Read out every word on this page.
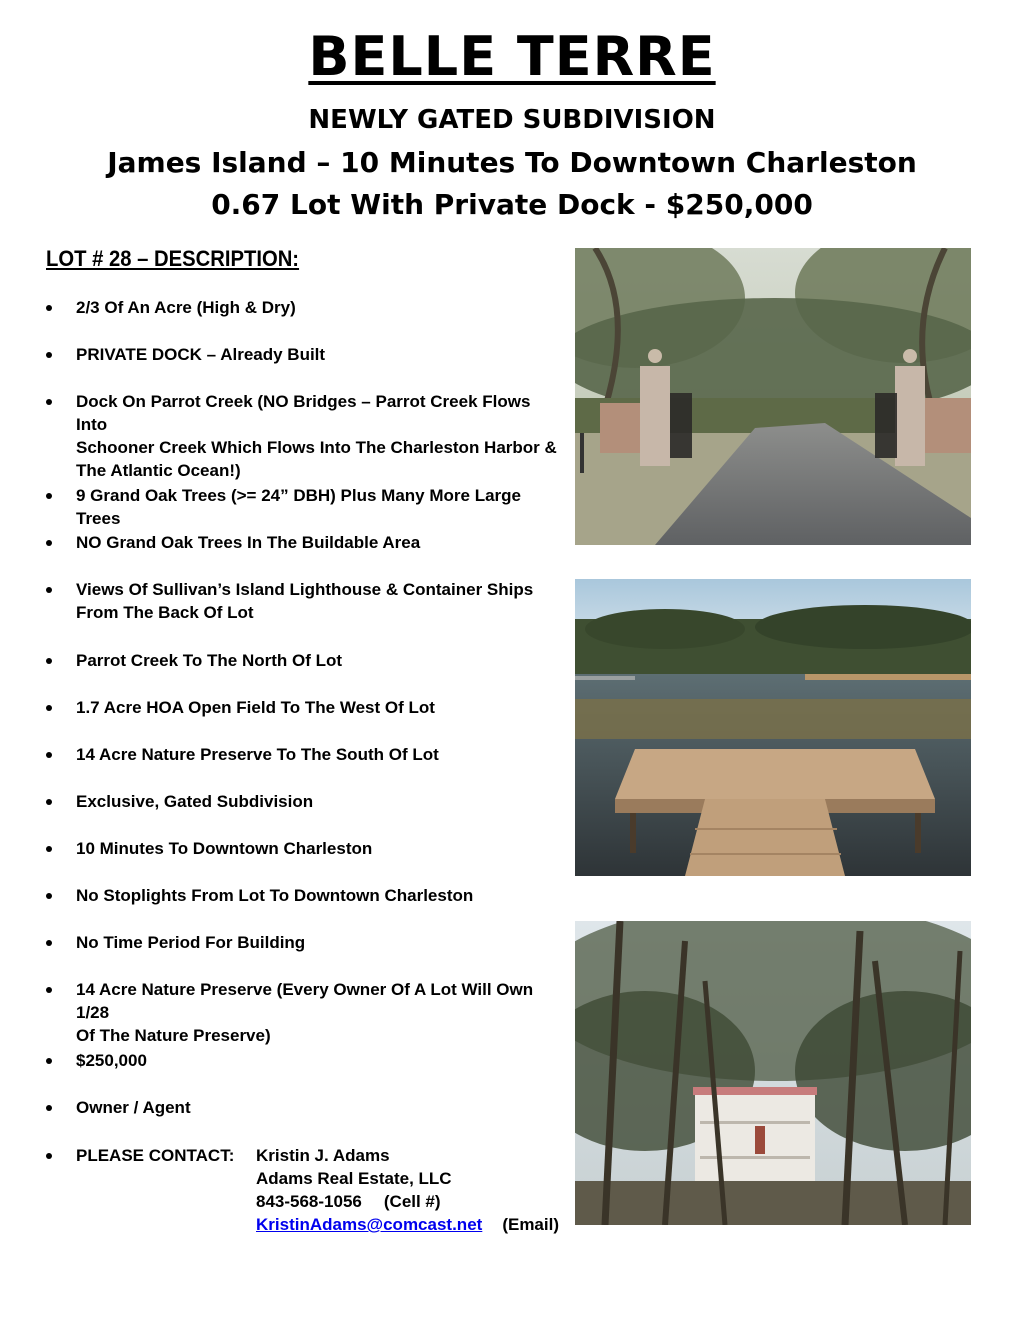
BELLE TERRE
NEWLY GATED SUBDIVISION
James Island – 10 Minutes To Downtown Charleston
0.67 Lot With Private Dock - $250,000
LOT # 28 – DESCRIPTION:
2/3 Of An Acre (High & Dry)
PRIVATE DOCK – Already Built
Dock On Parrot Creek (NO Bridges – Parrot Creek Flows Into
Schooner Creek Which Flows Into The Charleston Harbor &
The Atlantic Ocean!)
9 Grand Oak Trees (>= 24” DBH) Plus Many More Large Trees
NO Grand Oak Trees In The Buildable Area
Views Of Sullivan’s Island Lighthouse & Container Ships
From The Back Of Lot
Parrot Creek To The North Of Lot
1.7 Acre HOA Open Field To The West Of Lot
14 Acre Nature Preserve To The South Of Lot
Exclusive, Gated Subdivision
10 Minutes To Downtown Charleston
No Stoplights From Lot To Downtown Charleston
No Time Period For Building
14 Acre Nature Preserve (Every Owner Of A Lot Will Own 1/28
Of The Nature Preserve)
$250,000
Owner / Agent
PLEASE CONTACT:	Kristin J. Adams
Adams Real Estate, LLC
843-568-1056 (Cell #)
KristinAdams@comcast.net (Email)
